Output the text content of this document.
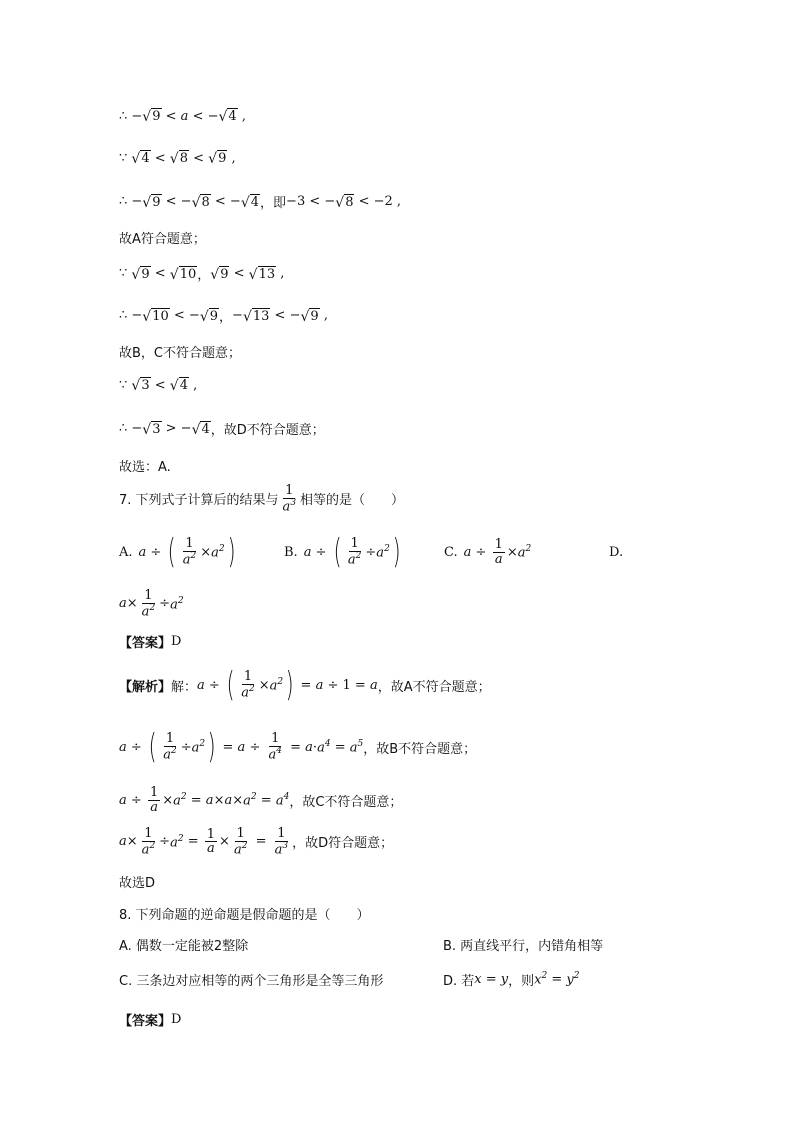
∴ − √ 9 < a < − √ 4 ,
∵ √ 4 < √ 8 < √ 9 ,
∴ − √ 9 < − √ 8 < − √ 4 ，即 −3 < − √ 8 < −2 ,
故A符合题意；
∵ √ 9 < √ 10 ， √ 9 < √ 13 ,
∴ − √ 10 < − √ 9 ， − √ 13 < − √ 9 ,
故B，C不符合题意；
∵ √ 3 < √ 4 ,
∴ − √ 3 > − √ 4 ，故D不符合题意；
故选：A.
7. 下列式子计算后的结果与 $\frac{1}{a^3}$ 相等的是（　　）
A. a ÷ ( $\frac{1}{a^2} \times a^2$ )	B. a ÷ ( $\frac{1}{a^2} \div a^2$ )	C. $a \div \frac{1}{a} \times a^2$	D.
$a \times \frac{1}{a^2} \div a^2$
【答案】 D
【解析】 解： a ÷ ( $\frac{1}{a^2} \times a^2$ ) = a ÷ 1 = a ，故A不符合题意；
a ÷ ( $\frac{1}{a^2} \div a^2$ ) = $a \div \frac{1}{a^4} = a \cdot a^4 = a^5$ ，故B不符合题意；
$a \div \frac{1}{a} \times a^2 = a \times a \times a^2 = a^4$ ，故C不符合题意；
$a \times \frac{1}{a^2} \div a^2 = \frac{1}{a} \times \frac{1}{a^2} = \frac{1}{a^3}$ ，故D符合题意；
故选D
8. 下列命题的逆命题是假命题的是（　　）
A. 偶数一定能被2整除	B. 两直线平行，内错角相等
C. 三条边对应相等的两个三角形是全等三角形	D. 若 x = y ，则 $x^2 = y^2$
【答案】 D
